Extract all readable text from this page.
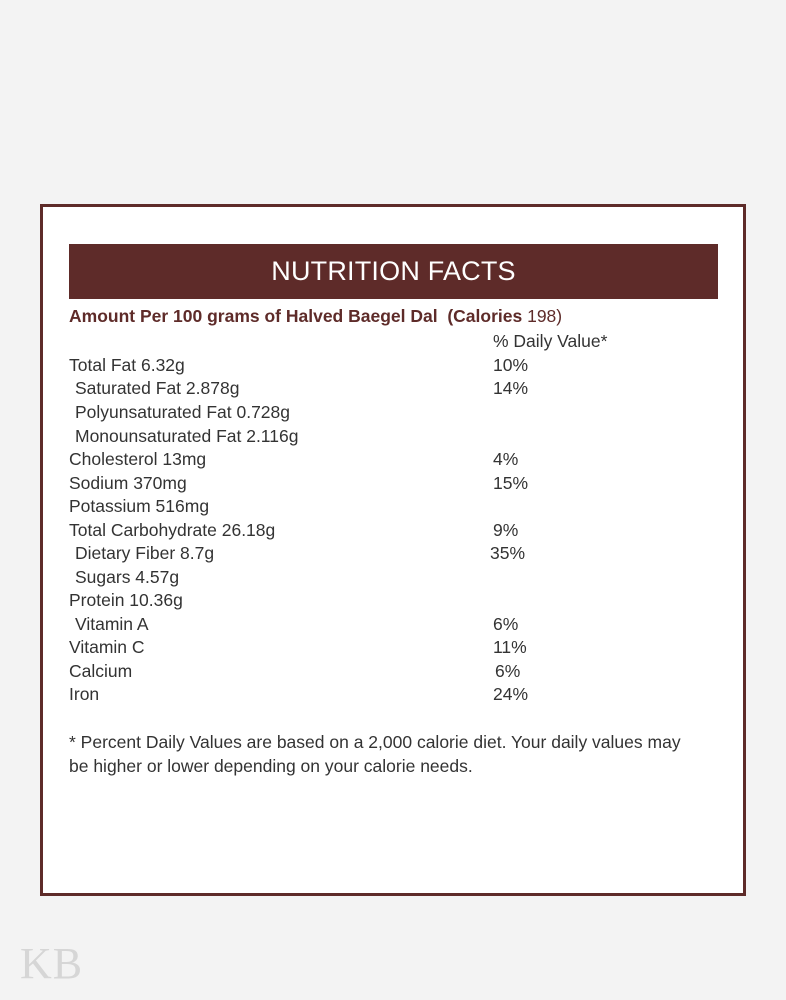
NUTRITION FACTS
Amount Per 100 grams of Halved Baegel Dal  (Calories 198)
% Daily Value*
Total Fat 6.32g	10%
Saturated Fat 2.878g	14%
Polyunsaturated Fat 0.728g
Monounsaturated Fat 2.116g
Cholesterol 13mg	4%
Sodium 370mg	15%
Potassium 516mg
Total Carbohydrate 26.18g	9%
Dietary Fiber 8.7g	35%
Sugars 4.57g
Protein 10.36g
Vitamin A	6%
Vitamin C	11%
Calcium	6%
Iron	24%
* Percent Daily Values are based on a 2,000 calorie diet. Your daily values may be higher or lower depending on your calorie needs.
KB
